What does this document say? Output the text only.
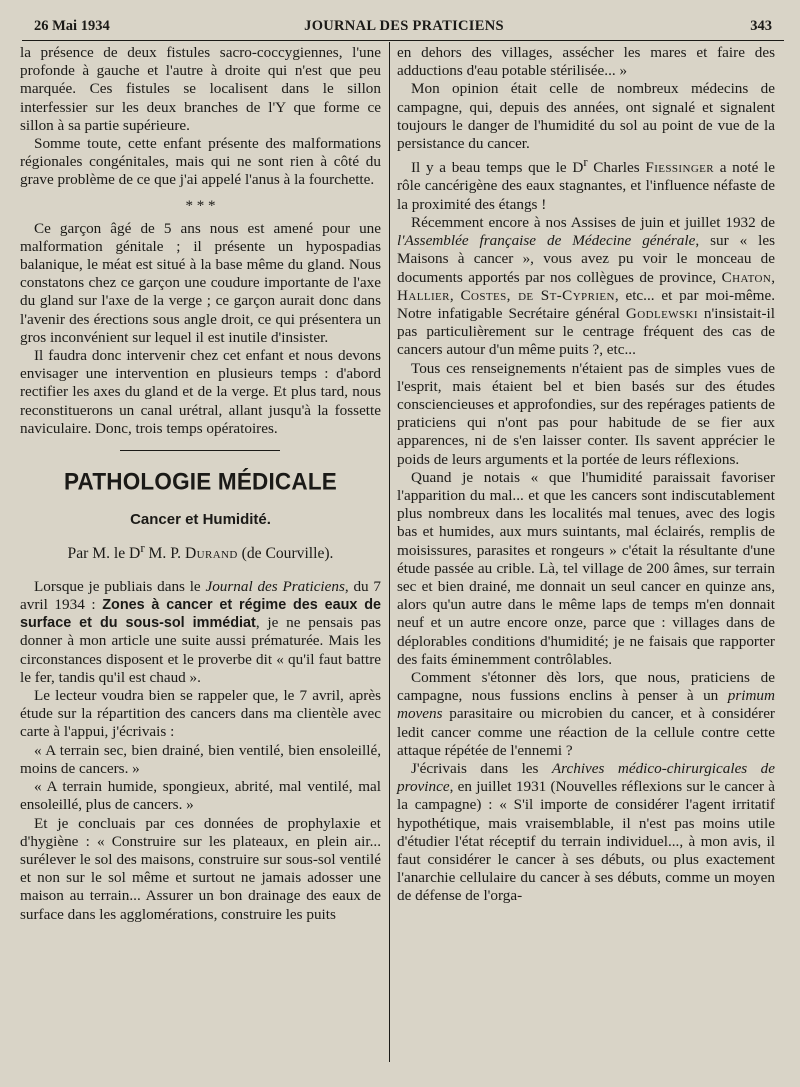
26 Mai 1934	JOURNAL DES PRATICIENS	343

la présence de deux fistules sacro-coccygiennes, l'une profonde à gauche et l'autre à droite qui n'est que peu marquée. Ces fistules se localisent dans le sillon interfessier sur les deux branches de l'Y que forme ce sillon à sa partie supérieure.

Somme toute, cette enfant présente des malformations régionales congénitales, mais qui ne sont rien à côté du grave problème de ce que j'ai appelé l'anus à la fourchette.

* * *

Ce garçon âgé de 5 ans nous est amené pour une malformation génitale ; il présente un hypospadias balanique, le méat est situé à la base même du gland. Nous constatons chez ce garçon une coudure importante de l'axe du gland sur l'axe de la verge ; ce garçon aurait donc dans l'avenir des érections sous angle droit, ce qui présentera un gros inconvénient sur lequel il est inutile d'insister.

Il faudra donc intervenir chez cet enfant et nous devons envisager une intervention en plusieurs temps : d'abord rectifier les axes du gland et de la verge. Et plus tard, nous reconstituerons un canal urétral, allant jusqu'à la fossette naviculaire. Donc, trois temps opératoires.

PATHOLOGIE MÉDICALE
Cancer et Humidité.
Par M. le $D^r$ M. P. Durand (de Courville).

Lorsque je publiais dans le Journal des Praticiens, du 7 avril 1934 : Zones à cancer et régime des eaux de surface et du sous-sol immédiat, je ne pensais pas donner à mon article une suite aussi prématurée. Mais les circonstances disposent et le proverbe dit « qu'il faut battre le fer, tandis qu'il est chaud ».

Le lecteur voudra bien se rappeler que, le 7 avril, après étude sur la répartition des cancers dans ma clientèle avec carte à l'appui, j'écrivais :

« A terrain sec, bien drainé, bien ventilé, bien ensoleillé, moins de cancers. »

« A terrain humide, spongieux, abrité, mal ventilé, mal ensoleillé, plus de cancers. »

Et je concluais par ces données de prophylaxie et d'hygiène : « Construire sur les plateaux, en plein air... surélever le sol des maisons, construire sur sous-sol ventilé et non sur le sol même et surtout ne jamais adosser une maison au terrain... Assurer un bon drainage des eaux de surface dans les agglomérations, construire les puits

en dehors des villages, assécher les mares et faire des adductions d'eau potable stérilisée... »

Mon opinion était celle de nombreux médecins de campagne, qui, depuis des années, ont signalé et signalent toujours le danger de l'humidité du sol au point de vue de la persistance du cancer.

Il y a beau temps que le $D^r$ Charles Fiessinger a noté le rôle cancérigène des eaux stagnantes, et l'influence néfaste de la proximité des étangs !

Récemment encore à nos Assises de juin et juillet 1932 de l'Assemblée française de Médecine générale, sur « les Maisons à cancer », vous avez pu voir le monceau de documents apportés par nos collègues de province, Chaton, Hallier, Costes, de St-Cyprien, etc... et par moi-même. Notre infatigable Secrétaire général Godlewski n'insistait-il pas particulièrement sur le centrage fréquent des cas de cancers autour d'un même puits ?, etc...

Tous ces renseignements n'étaient pas de simples vues de l'esprit, mais étaient bel et bien basés sur des études consciencieuses et approfondies, sur des repérages patients de praticiens qui n'ont pas pour habitude de se fier aux apparences, ni de s'en laisser conter. Ils savent apprécier le poids de leurs arguments et la portée de leurs réflexions.

Quand je notais « que l'humidité paraissait favoriser l'apparition du mal... et que les cancers sont indiscutablement plus nombreux dans les localités mal tenues, avec des logis bas et humides, aux murs suintants, mal éclairés, remplis de moisissures, parasites et rongeurs » c'était la résultante d'une étude passée au crible. Là, tel village de 200 âmes, sur terrain sec et bien drainé, me donnait un seul cancer en quinze ans, alors qu'un autre dans le même laps de temps m'en donnait neuf et un autre encore onze, parce que : villages dans de déplorables conditions d'humidité; je ne faisais que rapporter des faits éminemment contrôlables.

Comment s'étonner dès lors, que nous, praticiens de campagne, nous fussions enclins à penser à un primum movens parasitaire ou microbien du cancer, et à considérer ledit cancer comme une réaction de la cellule contre cette attaque répétée de l'ennemi ?

J'écrivais dans les Archives médico-chirurgicales de province, en juillet 1931 (Nouvelles réflexions sur le cancer à la campagne) : « S'il importe de considérer l'agent irritatif hypothétique, mais vraisemblable, il n'est pas moins utile d'étudier l'état réceptif du terrain individuel..., à mon avis, il faut considérer le cancer à ses débuts, ou plus exactement l'anarchie cellulaire du cancer à ses débuts, comme un moyen de défense de l'orga-
